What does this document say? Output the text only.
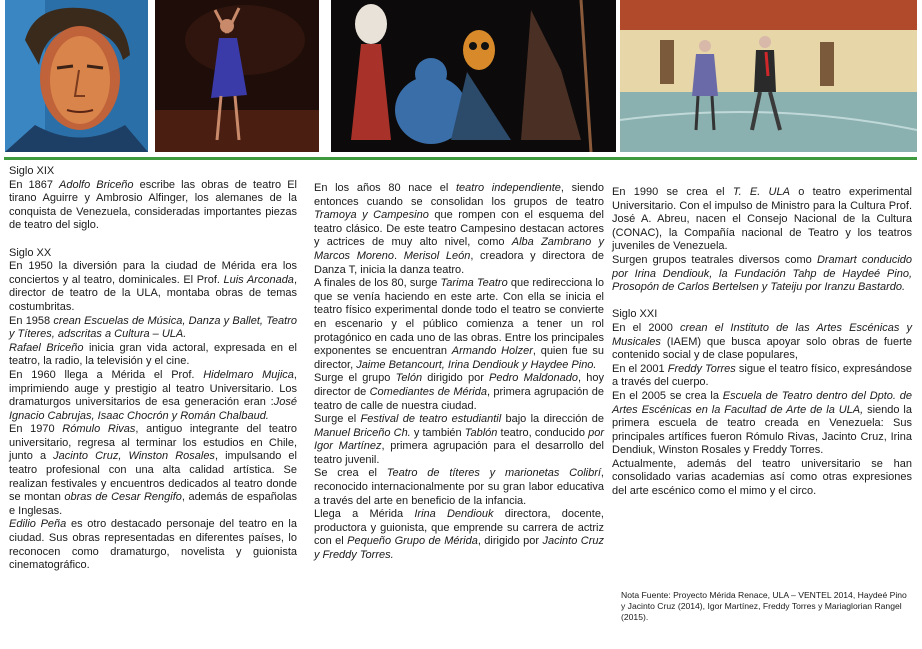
Siglo XIX

En 1867 Adolfo Briceño escribe las obras de teatro El tirano Aguirre y Ambrosio Alfinger, los alemanes de la conquista de Venezuela, consideradas importantes piezas de teatro del siglo.

Siglo XX

En 1950 la diversión para la ciudad de Mérida era los conciertos y al teatro, dominicales. El Prof. Luis Arconada, director de teatro de la ULA, montaba obras de temas costumbritas.

En 1958 crean Escuelas de Música, Danza y Ballet, Teatro y Títeres, adscritas a Cultura – ULA.

Rafael Briceño inicia gran vida actoral, expresada en el teatro, la radio, la televisión y el cine.

En 1960 llega a Mérida el Prof. Hidelmaro Mujica, imprimiendo auge y prestigio al teatro Universitario. Los dramaturgos universitarios de esa generación eran :José Ignacio Cabrujas, Isaac Chocrón y Román Chalbaud.

En 1970 Rómulo Rivas, antiguo integrante del teatro universitario, regresa al terminar los estudios en Chile, junto a Jacinto Cruz, Winston Rosales, impulsando el teatro profesional con una alta calidad artística. Se realizan festivales y encuentros dedicados al teatro donde se montan obras de Cesar Rengifo, además de españolas e Inglesas.

Edilio Peña es otro destacado personaje del teatro en la ciudad. Sus obras representadas en diferentes países, lo reconocen como dramaturgo, novelista y guionista cinematográfico.

En los años 80 nace el teatro independiente, siendo entonces cuando se consolidan los grupos de teatro Tramoya y Campesino que rompen con el esquema del teatro clásico. De este teatro Campesino destacan actores y actrices de muy alto nivel, como Alba Zambrano y Marcos Moreno. Merisol León, creadora y directora de Danza T, inicia la danza teatro.

A finales de los 80, surge Tarima Teatro que redirecciona lo que se venía haciendo en este arte. Con ella se inicia el teatro físico experimental donde todo el teatro se convierte en escenario y el público comienza a tener un rol protagónico en cada uno de las obras. Entre los principales exponentes se encuentran Armando Holzer, quien fue su director, Jaime Betancourt, Irina Dendiouk y Haydee Pino.

Surge el grupo Telón dirigido por Pedro Maldonado, hoy director de Comediantes de Mérida, primera agrupación de teatro de calle de nuestra ciudad.

Surge el Festival de teatro estudiantil bajo la dirección de Manuel Briceño Ch. y también Tablón teatro, conducido por Igor Martínez, primera agrupación para el desarrollo del teatro juvenil.

Se crea el Teatro de títeres y marionetas Colibrí, reconocido internacionalmente por su gran labor educativa a través del arte en beneficio de la infancia.

Llega a Mérida Irina Dendiouk directora, docente, productora y guionista, que emprende su carrera de actriz con el Pequeño Grupo de Mérida, dirigido por Jacinto Cruz y Freddy Torres.

En 1990 se crea el T. E. ULA o teatro experimental Universitario. Con el impulso de Ministro para la Cultura Prof. José A. Abreu, nacen el Consejo Nacional de la Cultura (CONAC), la Compañía nacional de Teatro y los teatros juveniles de Venezuela.

Surgen grupos teatrales diversos como Dramart conducido por Irina Dendiouk, la Fundación Tahp de Haydeé Pino, Prosopón de Carlos Bertelsen y Tateiju por Iranzu Bastardo.

Siglo XXI

En el 2000 crean el Instituto de las Artes Escénicas y Musicales (IAEM) que busca apoyar solo obras de fuerte contenido social y de clase populares,

En el 2001 Freddy Torres sigue el teatro físico, expresándose a través del cuerpo.

En el 2005 se crea la Escuela de Teatro dentro del Dpto. de Artes Escénicas en la Facultad de Arte de la ULA, siendo la primera escuela de teatro creada en Venezuela: Sus principales artífices fueron Rómulo Rivas, Jacinto Cruz, Irina Dendiuk, Winston Rosales y Freddy Torres.

Actualmente, además del teatro universitario se han consolidado varias academias así como otras expresiones del arte escénico como el mimo y el circo.

Nota Fuente: Proyecto Mérida Renace, ULA – VENTEL 2014, Haydeé Pino y Jacinto Cruz (2014), Igor Martínez, Freddy Torres y Mariaglorian Rangel (2015).
